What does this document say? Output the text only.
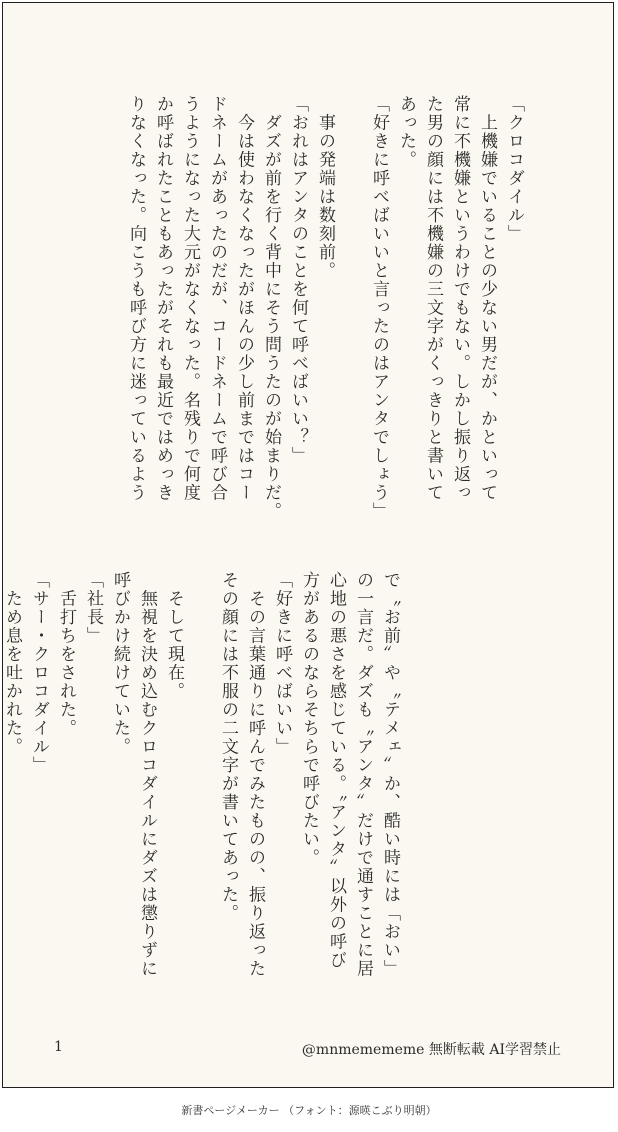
「クロコダイル」
　上機嫌でいることの少ない男だが、かといって
常に不機嫌というわけでもない。しかし振り返っ
た男の顔には不機嫌の三文字がくっきりと書いて
あった。
「好きに呼べばいいと言ったのはアンタでしょう」

　事の発端は数刻前。
「おれはアンタのことを何て呼べばいい？」
　ダズが前を行く背中にそう問うたのが始まりだ。
　今は使わなくなったがほんの少し前まではコー
ドネームがあったのだが、コードネームで呼び合
うようになった大元がなくなった。名残りで何度
か呼ばれたこともあったがそれも最近ではめっき
りなくなった。向こうも呼び方に迷っているよう

で〝お前〟や〝テメェ〟か、酷い時には「おい」
の一言だ。ダズも〝アンタ〟だけで通すことに居
心地の悪さを感じている。〝アンタ〟以外の呼び
方があるのならそちらで呼びたい。
「好きに呼べばいい」
　その言葉通りに呼んでみたものの、振り返った
その顔には不服の二文字が書いてあった。

　そして現在。
　無視を決め込むクロコダイルにダズは懲りずに
呼びかけ続けていた。
「社長」
　舌打ちをされた。
「サー・クロコダイル」
　ため息を吐かれた。

1	@mnmemememe 無断転載 AI学習禁止
新書ページメーカー （フォント：源暎こぶり明朝）
